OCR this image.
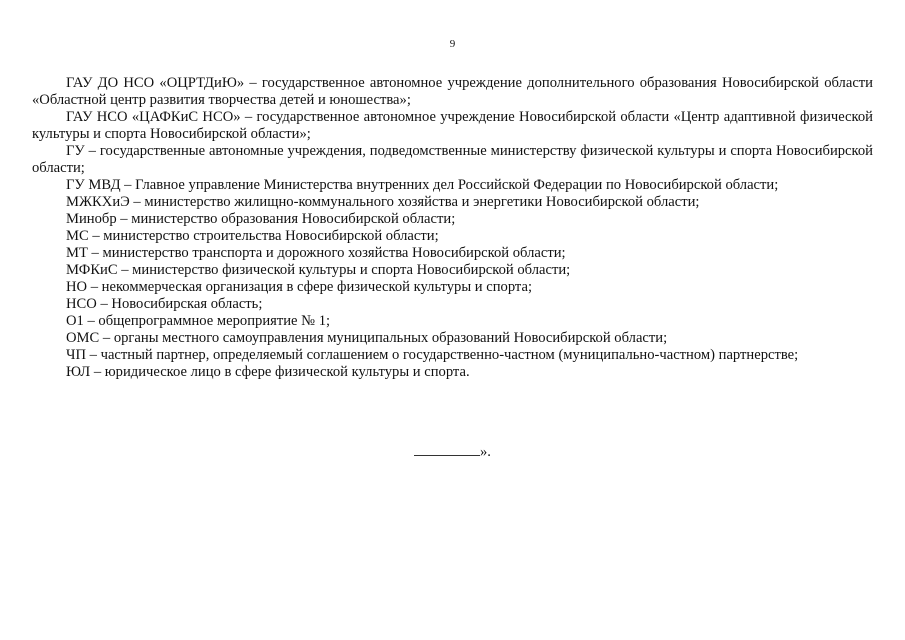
9

ГАУ ДО НСО «ОЦРТДиЮ» – государственное автономное учреждение дополнительного образования Новосибирской области «Областной центр развития творчества детей и юношества»;

ГАУ НСО «ЦАФКиС НСО» – государственное автономное учреждение Новосибирской области «Центр адаптивной физической культуры и спорта Новосибирской области»;

ГУ – государственные автономные учреждения, подведомственные министерству физической культуры и спорта Новосибирской области;

ГУ МВД – Главное управление Министерства внутренних дел Российской Федерации по Новосибирской области;

МЖКХиЭ – министерство жилищно-коммунального хозяйства и энергетики Новосибирской области;

Минобр – министерство образования Новосибирской области;

МС – министерство строительства Новосибирской области;

МТ – министерство транспорта и дорожного хозяйства Новосибирской области;

МФКиС – министерство физической культуры и спорта Новосибирской области;

НО – некоммерческая организация в сфере физической культуры и спорта;

НСО – Новосибирская область;

О1 – общепрограммное мероприятие № 1;

ОМС – органы местного самоуправления муниципальных образований Новосибирской области;

ЧП – частный партнер, определяемый соглашением о государственно-частном (муниципально-частном) партнерстве;

ЮЛ – юридическое лицо в сфере физической культуры и спорта.

».
